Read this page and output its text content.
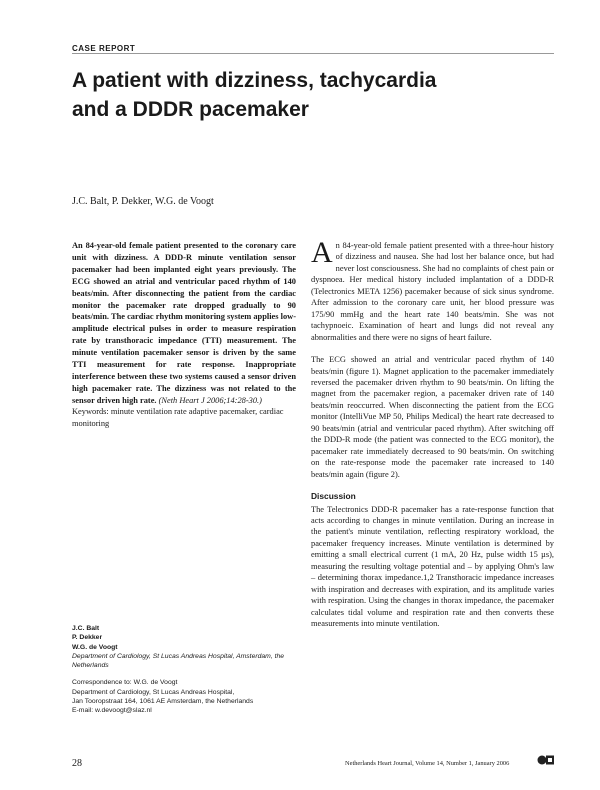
CASE REPORT
A patient with dizziness, tachycardia
and a DDDR pacemaker
J.C. Balt, P. Dekker, W.G. de Voogt
An 84-year-old female patient presented to the coronary care unit with dizziness. A DDD-R minute ventilation sensor pacemaker had been implanted eight years previously. The ECG showed an atrial and ventricular paced rhythm of 140 beats/min. After disconnecting the patient from the cardiac monitor the pacemaker rate dropped gradually to 90 beats/min. The cardiac rhythm monitoring system applies low-amplitude electrical pulses in order to measure respiration rate by transthoracic impedance (TTI) measurement. The minute ventilation pacemaker sensor is driven by the same TTI measurement for rate response. Inappropriate interference between these two systems caused a sensor driven high pacemaker rate. The dizziness was not related to the sensor driven high rate. (Neth Heart J 2006;14:28-30.)
Keywords: minute ventilation rate adaptive pacemaker, cardiac monitoring
J.C. Balt
P. Dekker
W.G. de Voogt
Department of Cardiology, St Lucas Andreas Hospital, Amsterdam, the Netherlands
Correspondence to: W.G. de Voogt
Department of Cardiology, St Lucas Andreas Hospital,
Jan Tooropstraat 164, 1061 AE Amsterdam, the Netherlands
E-mail: w.devoogt@slaz.nl

An 84-year-old female patient presented with a three-hour history of dizziness and nausea. She had lost her balance once, but had never lost consciousness. She had no complaints of chest pain or dyspnoea. Her medical history included implantation of a DDD-R (Telectronics META 1256) pacemaker because of sick sinus syndrome. After admission to the coronary care unit, her blood pressure was 175/90 mmHg and the heart rate 140 beats/min. She was not tachypnoeic. Examination of heart and lungs did not reveal any abnormalities and there were no signs of heart failure.

The ECG showed an atrial and ventricular paced rhythm of 140 beats/min (figure 1). Magnet application to the pacemaker immediately reversed the pacemaker driven rhythm to 90 beats/min. On lifting the magnet from the pacemaker region, a pacemaker driven rate of 140 beats/min reoccurred. When disconnecting the patient from the ECG monitor (IntelliVue MP 50, Philips Medical) the heart rate decreased to 90 beats/min (atrial and ventricular paced rhythm). After switching off the DDD-R mode (the patient was connected to the ECG monitor), the pacemaker rate immediately decreased to 90 beats/min. On switching on the rate-response mode the pacemaker rate increased to 140 beats/min again (figure 2).

Discussion

The Telectronics DDD-R pacemaker has a rate-response function that acts according to changes in minute ventilation. During an increase in the patient's minute ventilation, reflecting respiratory workload, the pacemaker frequency increases. Minute ventilation is determined by emitting a small electrical current (1 mA, 20 Hz, pulse width 15 µs), measuring the resulting voltage potential and – by applying Ohm's law – determining thorax impedance.1,2 Transthoracic impedance increases with inspiration and decreases with expiration, and its amplitude varies with respiration. Using the changes in thorax impedance, the pacemaker calculates tidal volume and respiration rate and then converts these measurements into minute ventilation.

28	Netherlands Heart Journal, Volume 14, Number 1, January 2006
